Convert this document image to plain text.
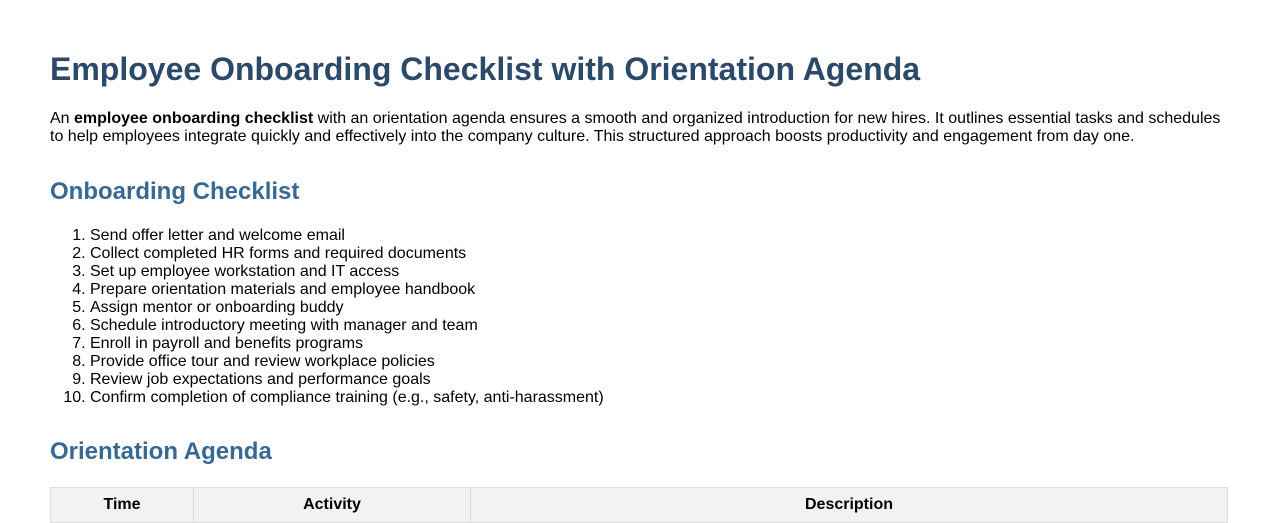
Employee Onboarding Checklist with Orientation Agenda

An employee onboarding checklist with an orientation agenda ensures a smooth and organized introduction for new hires. It outlines essential tasks and schedules to help employees integrate quickly and effectively into the company culture. This structured approach boosts productivity and engagement from day one.

Onboarding Checklist
1. Send offer letter and welcome email
2. Collect completed HR forms and required documents
3. Set up employee workstation and IT access
4. Prepare orientation materials and employee handbook
5. Assign mentor or onboarding buddy
6. Schedule introductory meeting with manager and team
7. Enroll in payroll and benefits programs
8. Provide office tour and review workplace policies
9. Review job expectations and performance goals
10. Confirm completion of compliance training (e.g., safety, anti-harassment)
Orientation Agenda
Time	Activity	Description
